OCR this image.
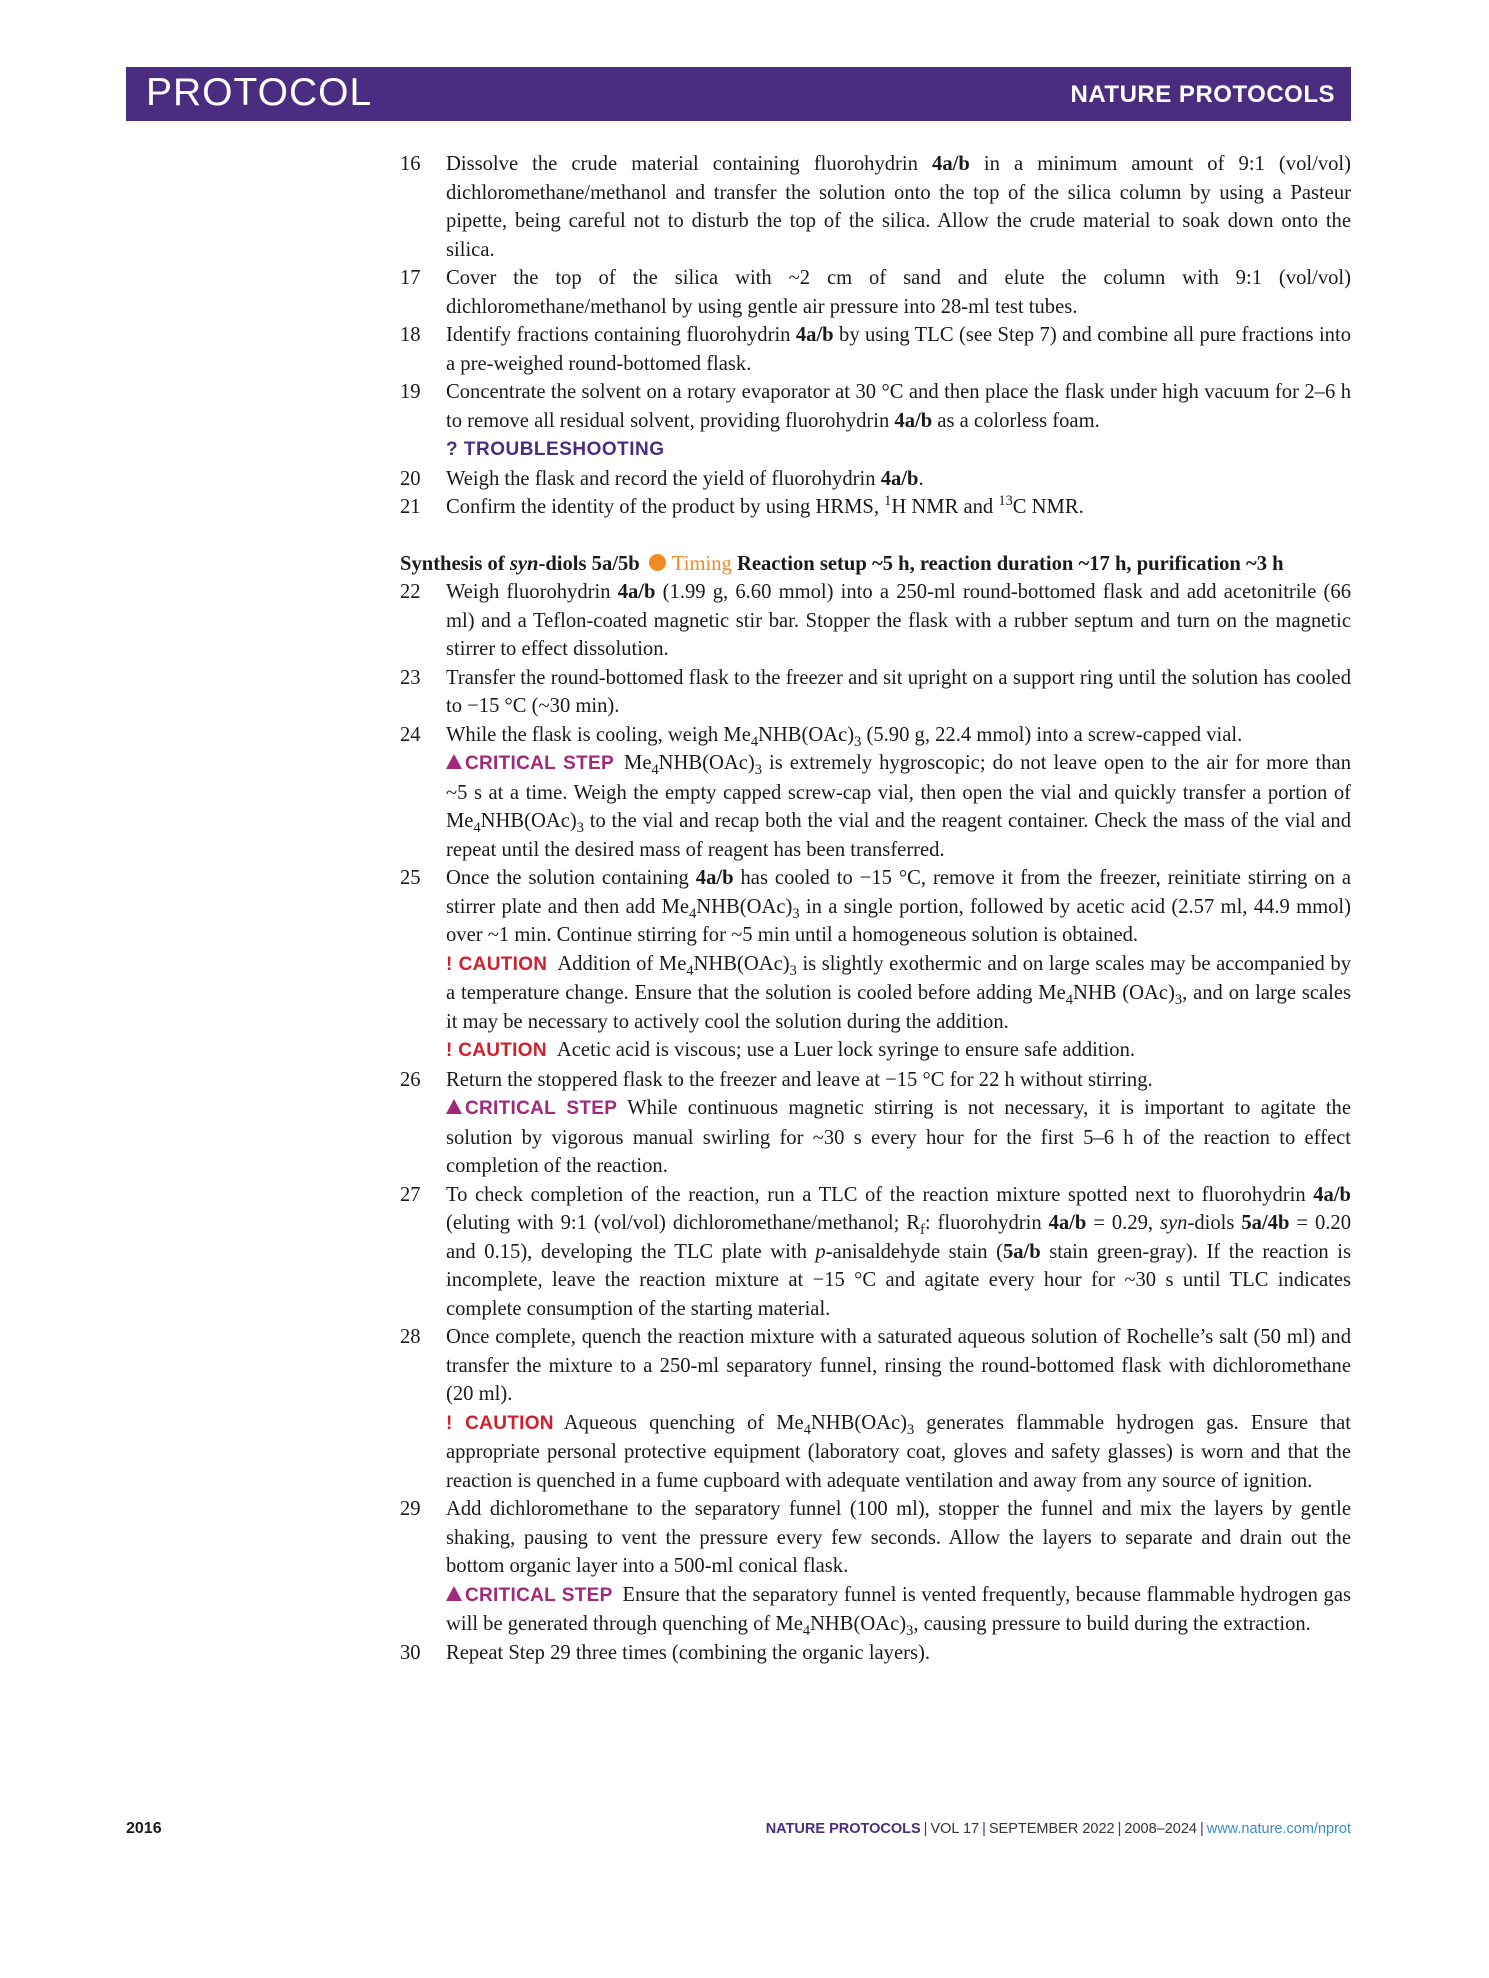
PROTOCOL	NATURE PROTOCOLS
16	Dissolve the crude material containing fluorohydrin 4a/b in a minimum amount of 9:1 (vol/vol) dichloromethane/methanol and transfer the solution onto the top of the silica column by using a Pasteur pipette, being careful not to disturb the top of the silica. Allow the crude material to soak down onto the silica.
17	Cover the top of the silica with ~2 cm of sand and elute the column with 9:1 (vol/vol) dichloromethane/methanol by using gentle air pressure into 28-ml test tubes.
18	Identify fractions containing fluorohydrin 4a/b by using TLC (see Step 7) and combine all pure fractions into a pre-weighed round-bottomed flask.
19	Concentrate the solvent on a rotary evaporator at 30 °C and then place the flask under high vacuum for 2–6 h to remove all residual solvent, providing fluorohydrin 4a/b as a colorless foam.
? TROUBLESHOOTING
20	Weigh the flask and record the yield of fluorohydrin 4a/b.
21	Confirm the identity of the product by using HRMS, $^1$H NMR and $^{13}$C NMR.
Synthesis of syn-diols 5a/5b Timing Reaction setup ~5 h, reaction duration ~17 h, purification ~3 h
22	Weigh fluorohydrin 4a/b (1.99 g, 6.60 mmol) into a 250-ml round-bottomed flask and add acetonitrile (66 ml) and a Teflon-coated magnetic stir bar. Stopper the flask with a rubber septum and turn on the magnetic stirrer to effect dissolution.
23	Transfer the round-bottomed flask to the freezer and sit upright on a support ring until the solution has cooled to −15 °C (~30 min).
24	While the flask is cooling, weigh $Me_4NHB(OAc)_3$ (5.90 g, 22.4 mmol) into a screw-capped vial.
CRITICAL STEP $Me_4NHB(OAc)_3$ is extremely hygroscopic; do not leave open to the air for more than ~5 s at a time. Weigh the empty capped screw-cap vial, then open the vial and quickly transfer a portion of $Me_4NHB(OAc)_3$ to the vial and recap both the vial and the reagent container. Check the mass of the vial and repeat until the desired mass of reagent has been transferred.
25	Once the solution containing 4a/b has cooled to −15 °C, remove it from the freezer, reinitiate stirring on a stirrer plate and then add $Me_4NHB(OAc)_3$ in a single portion, followed by acetic acid (2.57 ml, 44.9 mmol) over ~1 min. Continue stirring for ~5 min until a homogeneous solution is obtained.
! CAUTION Addition of $Me_4NHB(OAc)_3$ is slightly exothermic and on large scales may be accompanied by a temperature change. Ensure that the solution is cooled before adding $Me_4NHB$ $(OAc)_3$, and on large scales it may be necessary to actively cool the solution during the addition.
! CAUTION Acetic acid is viscous; use a Luer lock syringe to ensure safe addition.
26	Return the stoppered flask to the freezer and leave at −15 °C for 22 h without stirring.
CRITICAL STEP While continuous magnetic stirring is not necessary, it is important to agitate the solution by vigorous manual swirling for ~30 s every hour for the first 5–6 h of the reaction to effect completion of the reaction.
27	To check completion of the reaction, run a TLC of the reaction mixture spotted next to fluorohydrin 4a/b (eluting with 9:1 (vol/vol) dichloromethane/methanol; $R_f$: fluorohydrin 4a/b = 0.29, syn-diols 5a/4b = 0.20 and 0.15), developing the TLC plate with p-anisaldehyde stain (5a/b stain green-gray). If the reaction is incomplete, leave the reaction mixture at −15 °C and agitate every hour for ~30 s until TLC indicates complete consumption of the starting material.
28	Once complete, quench the reaction mixture with a saturated aqueous solution of Rochelle’s salt (50 ml) and transfer the mixture to a 250-ml separatory funnel, rinsing the round-bottomed flask with dichloromethane (20 ml).
! CAUTION Aqueous quenching of $Me_4NHB(OAc)_3$ generates flammable hydrogen gas. Ensure that appropriate personal protective equipment (laboratory coat, gloves and safety glasses) is worn and that the reaction is quenched in a fume cupboard with adequate ventilation and away from any source of ignition.
29	Add dichloromethane to the separatory funnel (100 ml), stopper the funnel and mix the layers by gentle shaking, pausing to vent the pressure every few seconds. Allow the layers to separate and drain out the bottom organic layer into a 500-ml conical flask.
CRITICAL STEP Ensure that the separatory funnel is vented frequently, because flammable hydrogen gas will be generated through quenching of $Me_4NHB(OAc)_3$, causing pressure to build during the extraction.
30	Repeat Step 29 three times (combining the organic layers).
2016	NATURE PROTOCOLS | VOL 17 | SEPTEMBER 2022 | 2008–2024 | www.nature.com/nprot
